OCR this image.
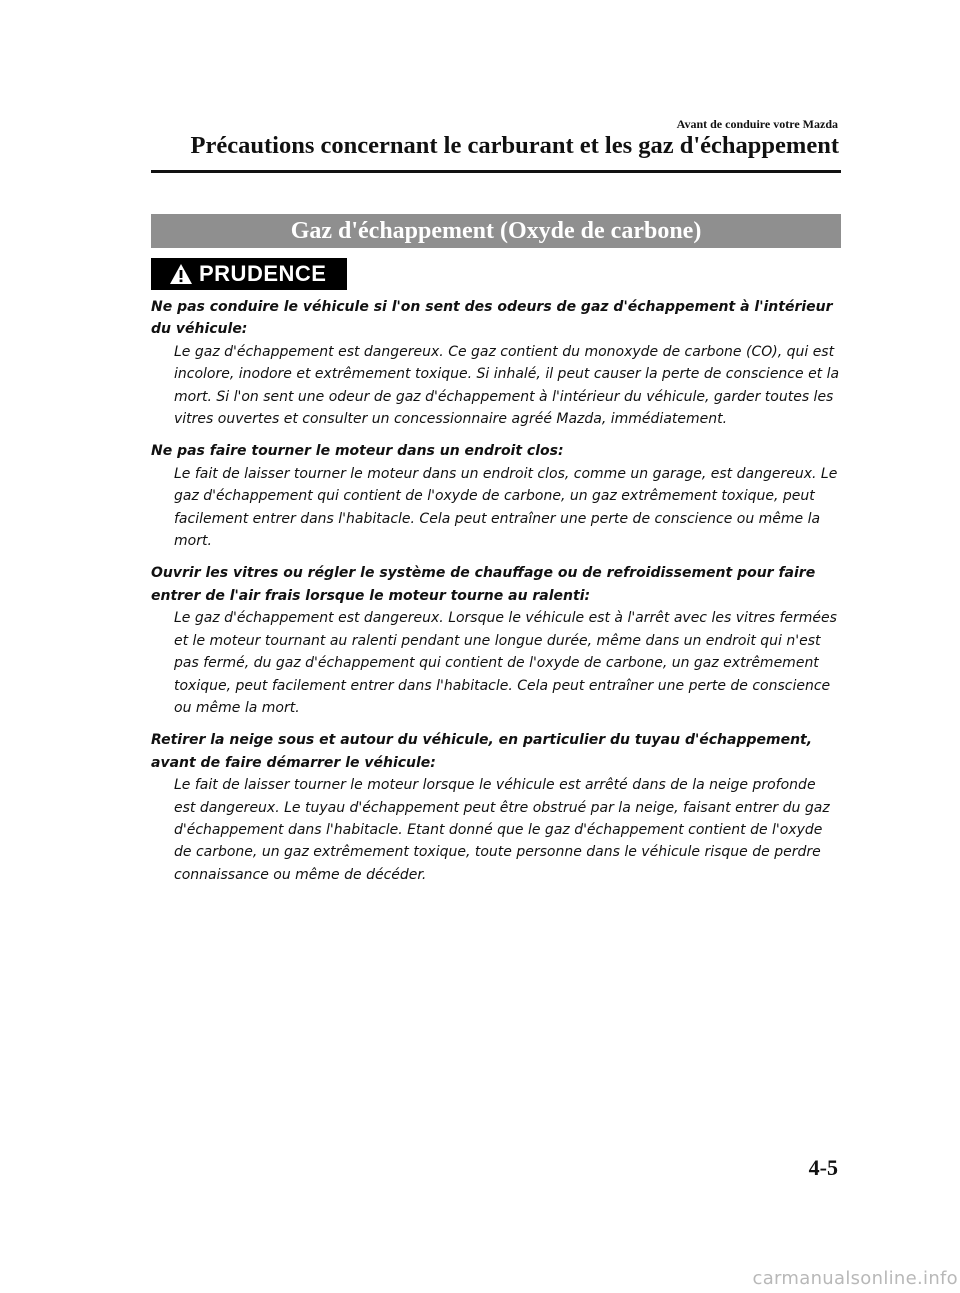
Avant de conduire votre Mazda
Précautions concernant le carburant et les gaz d'échappement
Gaz d'échappement (Oxyde de carbone)
PRUDENCE

Ne pas conduire le véhicule si l'on sent des odeurs de gaz d'échappement à l'intérieur du véhicule:

Le gaz d'échappement est dangereux. Ce gaz contient du monoxyde de carbone (CO), qui est incolore, inodore et extrêmement toxique. Si inhalé, il peut causer la perte de conscience et la mort. Si l'on sent une odeur de gaz d'échappement à l'intérieur du véhicule, garder toutes les vitres ouvertes et consulter un concessionnaire agréé Mazda, immédiatement.

Ne pas faire tourner le moteur dans un endroit clos:

Le fait de laisser tourner le moteur dans un endroit clos, comme un garage, est dangereux. Le gaz d'échappement qui contient de l'oxyde de carbone, un gaz extrêmement toxique, peut facilement entrer dans l'habitacle. Cela peut entraîner une perte de conscience ou même la mort.

Ouvrir les vitres ou régler le système de chauffage ou de refroidissement pour faire entrer de l'air frais lorsque le moteur tourne au ralenti:

Le gaz d'échappement est dangereux. Lorsque le véhicule est à l'arrêt avec les vitres fermées et le moteur tournant au ralenti pendant une longue durée, même dans un endroit qui n'est pas fermé, du gaz d'échappement qui contient de l'oxyde de carbone, un gaz extrêmement toxique, peut facilement entrer dans l'habitacle. Cela peut entraîner une perte de conscience ou même la mort.

Retirer la neige sous et autour du véhicule, en particulier du tuyau d'échappement, avant de faire démarrer le véhicule:

Le fait de laisser tourner le moteur lorsque le véhicule est arrêté dans de la neige profonde est dangereux. Le tuyau d'échappement peut être obstrué par la neige, faisant entrer du gaz d'échappement dans l'habitacle. Etant donné que le gaz d'échappement contient de l'oxyde de carbone, un gaz extrêmement toxique, toute personne dans le véhicule risque de perdre connaissance ou même de décéder.

4-5
carmanualsonline.info
